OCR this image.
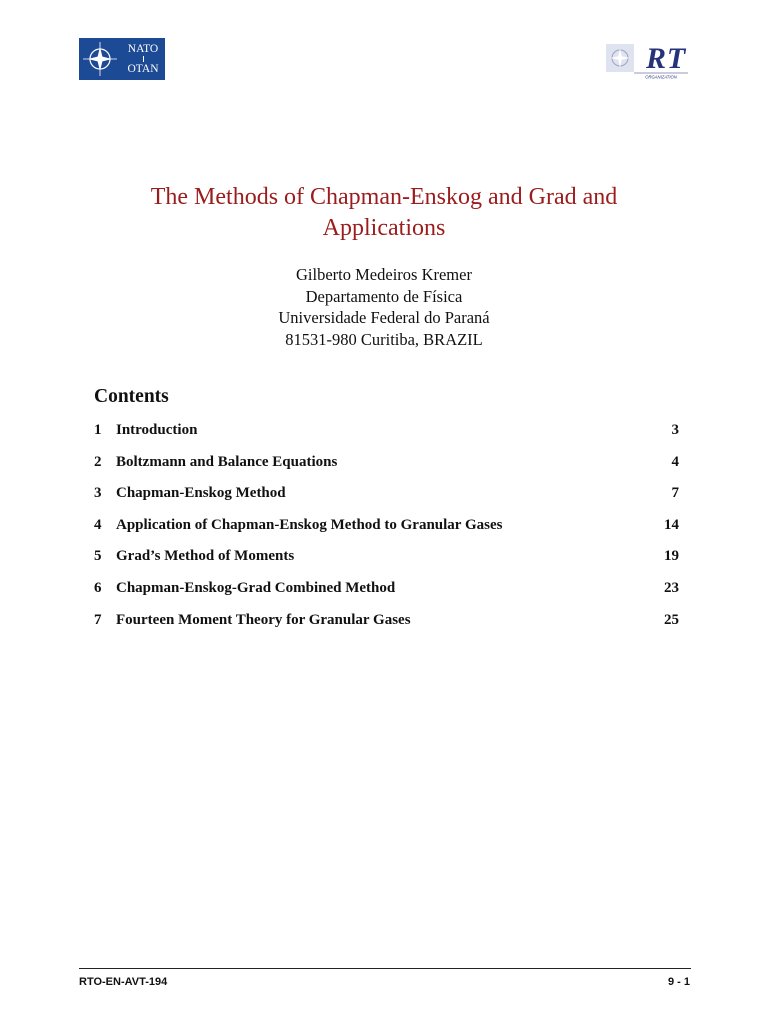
NATO
OTAN	R T
ORGANIZATION
The Methods of Chapman-Enskog and Grad and
Applications
Gilberto Medeiros Kremer
Departamento de Física
Universidade Federal do Paraná
81531-980 Curitiba, BRAZIL
Contents
1 Introduction	3
2 Boltzmann and Balance Equations	4
3 Chapman-Enskog Method	7
4 Application of Chapman-Enskog Method to Granular Gases	14
5 Grad’s Method of Moments	19
6 Chapman-Enskog-Grad Combined Method	23
7 Fourteen Moment Theory for Granular Gases	25
RTO-EN-AVT-194	9 - 1
